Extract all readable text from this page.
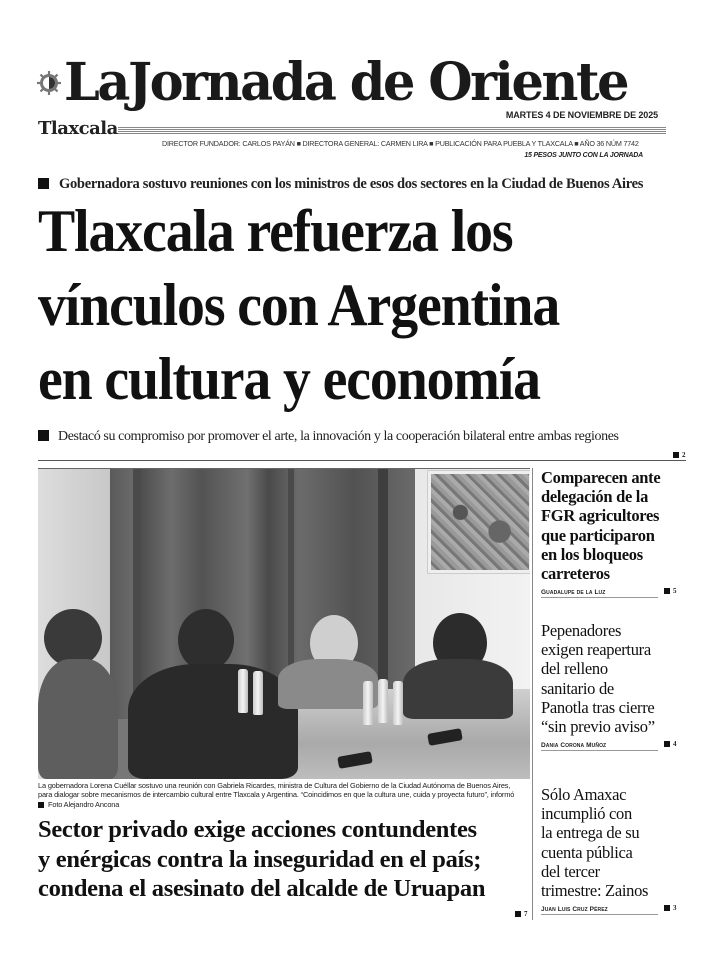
LaJornada de Oriente
MARTES 4 DE NOVIEMBRE DE 2025
Tlaxcala
DIRECTOR FUNDADOR: CARLOS PAYÁN ■ DIRECTORA GENERAL: CARMEN LIRA ■ PUBLICACIÓN PARA PUEBLA Y TLAXCALA ■ AÑO 36 NÚM 7742
15 PESOS JUNTO CON LA JORNADA
Gobernadora sostuvo reuniones con los ministros de esos dos sectores en la Ciudad de Buenos Aires
Tlaxcala refuerza los
vínculos con Argentina
en cultura y economía
Destacó su compromiso por promover el arte, la innovación y la cooperación bilateral entre ambas regiones
2
La gobernadora Lorena Cuéllar sostuvo una reunión con Gabriela Ricardes, ministra de Cultura del Gobierno de la Ciudad Autónoma de Buenos Aires,
para dialogar sobre mecanismos de intercambio cultural entre Tlaxcala y Argentina. “Coincidimos en que la cultura une, cuida y proyecta futuro”, informó
Foto Alejandro Ancona
Sector privado exige acciones contundentes
y enérgicas contra la inseguridad en el país;
condena el asesinato del alcalde de Uruapan
7
Comparecen ante
delegación de la
FGR agricultores
que participaron
en los bloqueos
carreteros
Guadalupe de la Luz	5
Pepenadores
exigen reapertura
del relleno
sanitario de
Panotla tras cierre
“sin previo aviso”
Dania Corona Muñoz	4
Sólo Amaxac
incumplió con
la entrega de su
cuenta pública
del tercer
trimestre: Zainos
Juan Luis Cruz Pérez	3
